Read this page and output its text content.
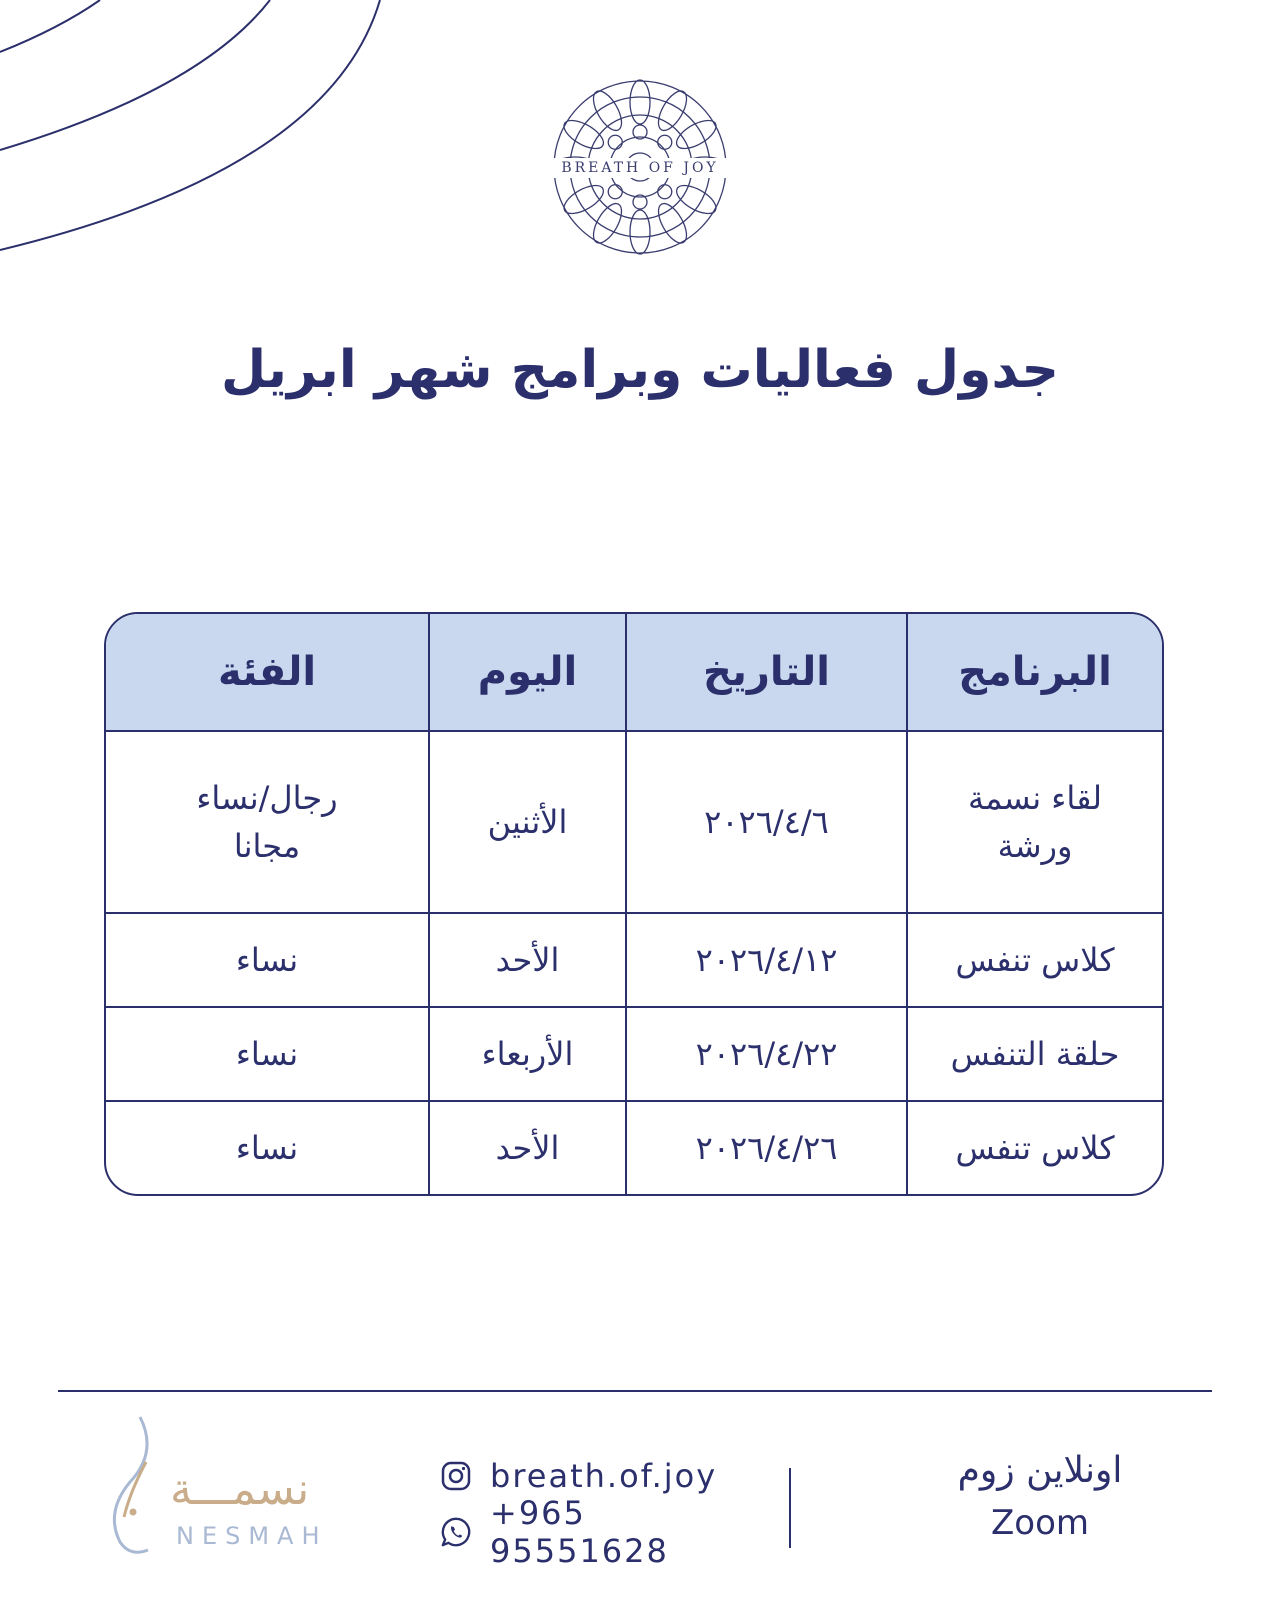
BREATH OF JOY
جدول فعاليات وبرامج شهر ابريل
البرنامج	التاريخ	اليوم	الفئة

لقاء نسمة ورشة	٢٠٢٦/٤/٦	الأثنين	رجال/نساء مجانا

كلاس تنفس	٢٠٢٦/٤/١٢	الأحد	نساء
حلقة التنفس	٢٠٢٦/٤/٢٢	الأربعاء	نساء
كلاس تنفس	٢٠٢٦/٤/٢٦	الأحد	نساء
اونلاين زوم
Zoom
breath.of.joy
+965 95551628
نسمـــة
NESMAH
